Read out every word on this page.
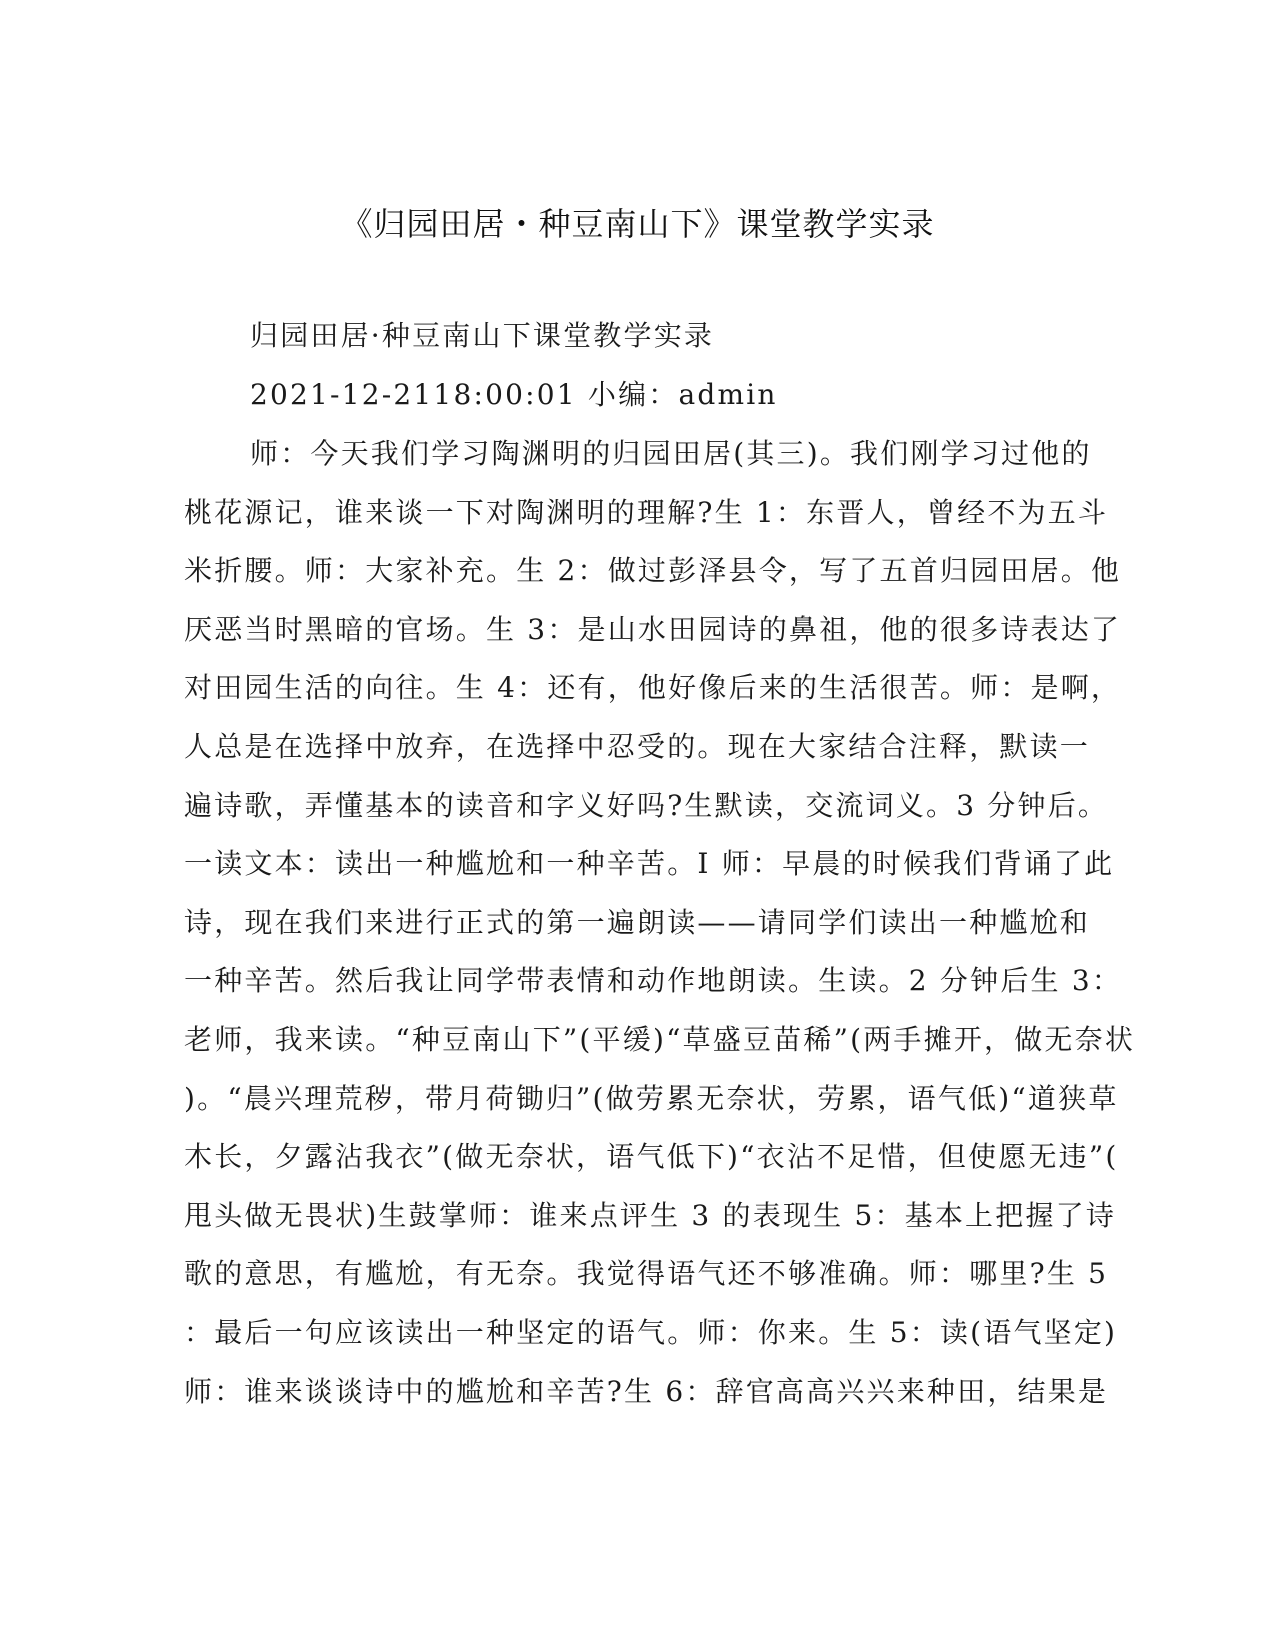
《归园田居・种豆南山下》课堂教学实录
归园田居·种豆南山下课堂教学实录
2021-12-2118:00:01 小编：admin
师：今天我们学习陶渊明的归园田居(其三)。我们刚学习过他的
桃花源记，谁来谈一下对陶渊明的理解?生 1：东晋人，曾经不为五斗
米折腰。师：大家补充。生 2：做过彭泽县令，写了五首归园田居。他
厌恶当时黑暗的官场。生 3：是山水田园诗的鼻祖，他的很多诗表达了
对田园生活的向往。生 4：还有，他好像后来的生活很苦。师：是啊，
人总是在选择中放弃，在选择中忍受的。现在大家结合注释，默读一
遍诗歌，弄懂基本的读音和字义好吗?生默读，交流词义。3 分钟后。
一读文本：读出一种尴尬和一种辛苦。I 师：早晨的时候我们背诵了此
诗，现在我们来进行正式的第一遍朗读——请同学们读出一种尴尬和
一种辛苦。然后我让同学带表情和动作地朗读。生读。2 分钟后生 3：
老师，我来读。“种豆南山下”(平缓)“草盛豆苗稀”(两手摊开，做无奈状
)。“晨兴理荒秽，带月荷锄归”(做劳累无奈状，劳累，语气低)“道狭草
木长，夕露沾我衣”(做无奈状，语气低下)“衣沾不足惜，但使愿无违”(
甩头做无畏状)生鼓掌师：谁来点评生 3 的表现生 5：基本上把握了诗
歌的意思，有尴尬，有无奈。我觉得语气还不够准确。师：哪里?生 5
：最后一句应该读出一种坚定的语气。师：你来。生 5：读(语气坚定)
师：谁来谈谈诗中的尴尬和辛苦?生 6：辞官高高兴兴来种田，结果是
